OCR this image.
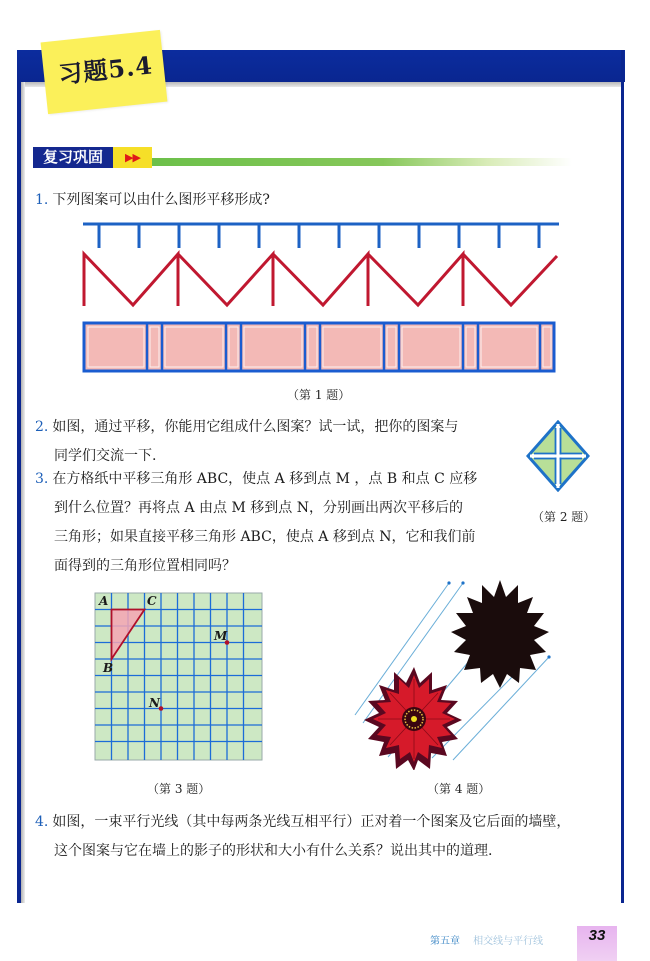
习题5.4
复习巩固	▶▶
1. 下列图案可以由什么图形平移形成?
（第 1 题）
2. 如图，通过平移，你能用它组成什么图案？试一试，把你的图案与
同学们交流一下.
（第 2 题）
3. 在方格纸中平移三角形 ABC，使点 A 移到点 M ，点 B 和点 C 应移
到什么位置？再将点 A 由点 M 移到点 N，分别画出两次平移后的
三角形；如果直接平移三角形 ABC，使点 A 移到点 N，它和我们前
面得到的三角形位置相同吗？
A	C
B
M
N
（第 3 题）	（第 4 题）
4. 如图，一束平行光线（其中每两条光线互相平行）正对着一个图案及它后面的墙壁，
这个图案与它在墙上的影子的形状和大小有什么关系？说出其中的道理.
第五章 相交线与平行线	33
